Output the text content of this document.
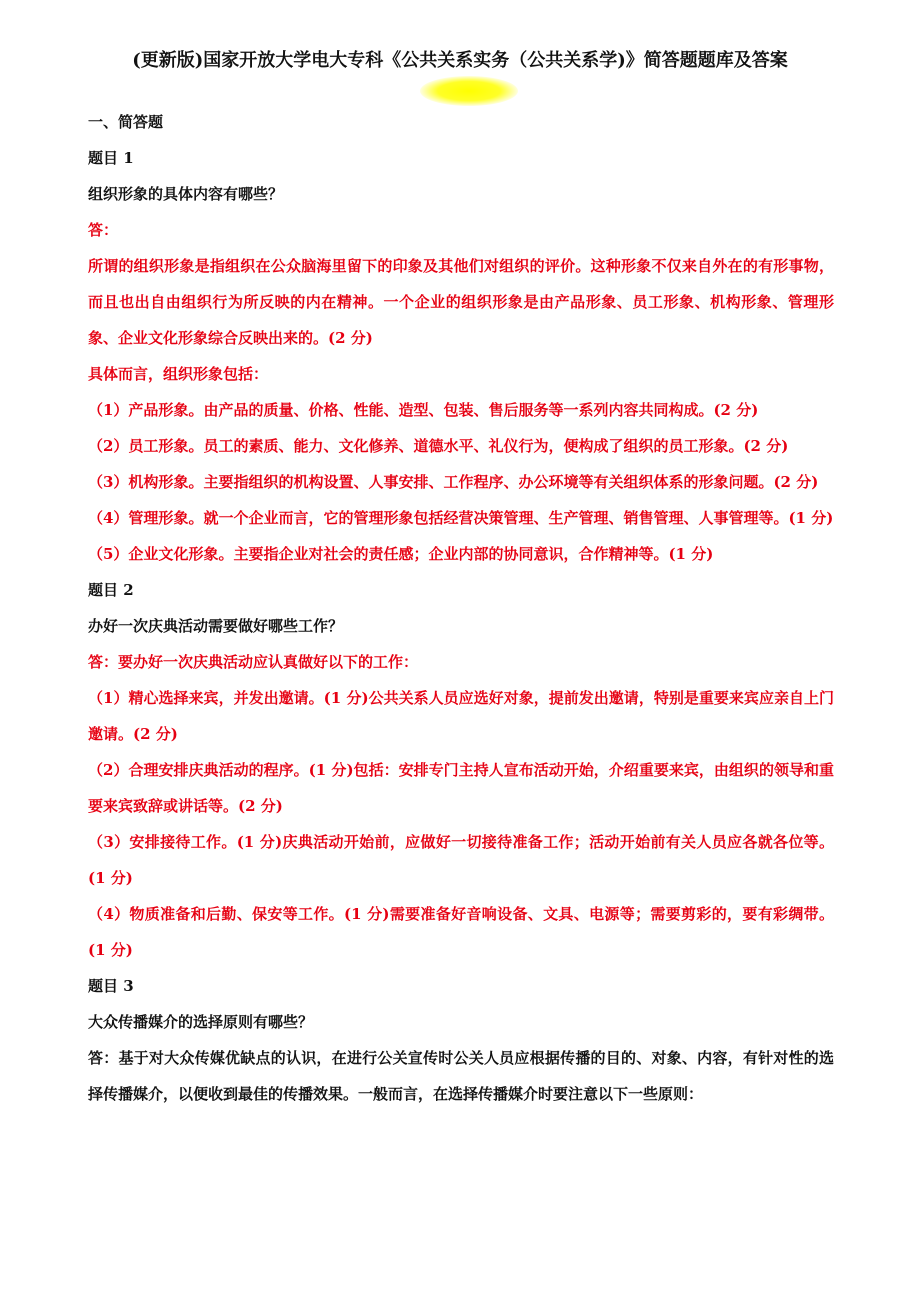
(更新版)国家开放大学电大专科《公共关系实务（公共关系学)》简答题题库及答案

一、简答题

题目 1

组织形象的具体内容有哪些？

答：

所谓的组织形象是指组织在公众脑海里留下的印象及其他们对组织的评价。这种形象不仅来自外在的有形事物，而且也出自由组织行为所反映的内在精神。一个企业的组织形象是由产品形象、员工形象、机构形象、管理形象、企业文化形象综合反映出来的。(2 分)

具体而言，组织形象包括：

（1）产品形象。由产品的质量、价格、性能、造型、包装、售后服务等一系列内容共同构成。(2 分)

（2）员工形象。员工的素质、能力、文化修养、道德水平、礼仪行为，便构成了组织的员工形象。(2 分)

（3）机构形象。主要指组织的机构设置、人事安排、工作程序、办公环境等有关组织体系的形象问题。(2 分)

（4）管理形象。就一个企业而言，它的管理形象包括经营决策管理、生产管理、销售管理、人事管理等。(1 分)

（5）企业文化形象。主要指企业对社会的责任感；企业内部的协同意识，合作精神等。(1 分)

题目 2

办好一次庆典活动需要做好哪些工作？

答：要办好一次庆典活动应认真做好以下的工作：

（1）精心选择来宾，并发出邀请。(1 分)公共关系人员应选好对象，提前发出邀请，特别是重要来宾应亲自上门邀请。(2 分)

（2）合理安排庆典活动的程序。(1 分)包括：安排专门主持人宣布活动开始，介绍重要来宾，由组织的领导和重要来宾致辞或讲话等。(2 分)

（3）安排接待工作。(1 分)庆典活动开始前，应做好一切接待准备工作；活动开始前有关人员应各就各位等。(1 分)

（4）物质准备和后勤、保安等工作。(1 分)需要准备好音响设备、文具、电源等；需要剪彩的，要有彩绸带。(1 分)

题目 3

大众传播媒介的选择原则有哪些？

答：基于对大众传媒优缺点的认识，在进行公关宣传时公关人员应根据传播的目的、对象、内容，有针对性的选择传播媒介，以便收到最佳的传播效果。一般而言，在选择传播媒介时要注意以下一些原则：
